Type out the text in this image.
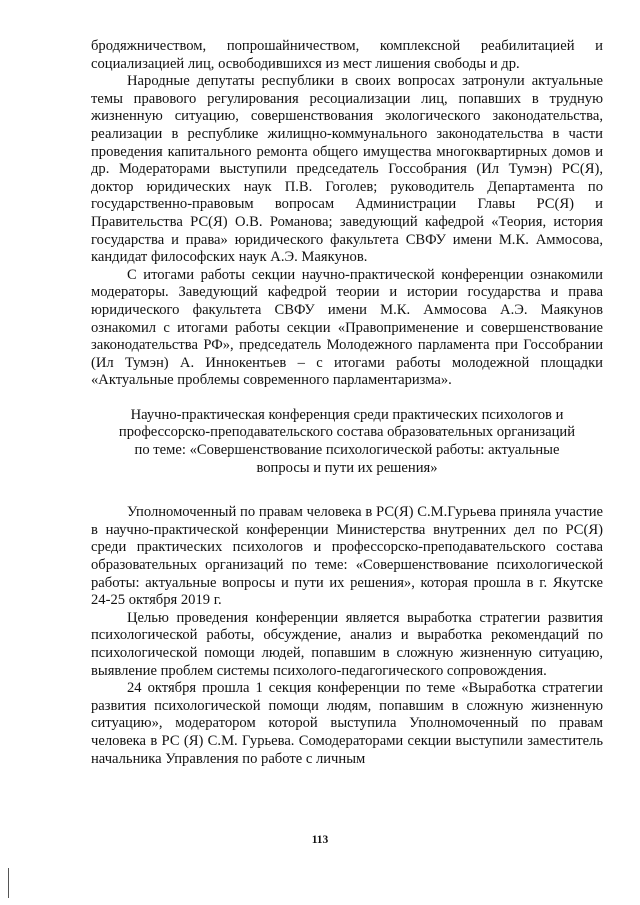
бродяжничеством, попрошайничеством, комплексной реабилитацией и социализацией лиц, освободившихся из мест лишения свободы и др.

Народные депутаты республики в своих вопросах затронули актуальные темы правового регулирования ресоциализации лиц, попавших в трудную жизненную ситуацию, совершенствования экологического законодательства, реализации в республике жилищно-коммунального законодательства в части проведения капитального ремонта общего имущества многоквартирных домов и др. Модераторами выступили председатель Госсобрания (Ил Тумэн) РС(Я), доктор юридических наук П.В. Гоголев; руководитель Департамента по государственно-правовым вопросам Администрации Главы РС(Я) и Правительства РС(Я) О.В. Романова; заведующий кафедрой «Теория, история государства и права» юридического факультета СВФУ имени М.К. Аммосова, кандидат философских наук А.Э. Маякунов.

С итогами работы секции научно-практической конференции ознакомили модераторы. Заведующий кафедрой теории и истории государства и права юридического факультета СВФУ имени М.К. Аммосова А.Э. Маякунов ознакомил с итогами работы секции «Правоприменение и совершенствование законодательства РФ», председатель Молодежного парламента при Госсобрании (Ил Тумэн) А. Иннокентьев – с итогами работы молодежной площадки «Актуальные проблемы современного парламентаризма».

Научно-практическая конференция среди практических психологов и
профессорско-преподавательского состава образовательных организаций
по теме: «Совершенствование психологической работы: актуальные
вопросы и пути их решения»

Уполномоченный по правам человека в РС(Я) С.М.Гурьева приняла участие в научно-практической конференции Министерства внутренних дел по РС(Я) среди практических психологов и профессорско-преподавательского состава образовательных организаций по теме: «Совершенствование психологической работы: актуальные вопросы и пути их решения», которая прошла в г. Якутске 24-25 октября 2019 г.

Целью проведения конференции является выработка стратегии развития психологической работы, обсуждение, анализ и выработка рекомендаций по психологической помощи людей, попавшим в сложную жизненную ситуацию, выявление проблем системы психолого-педагогического сопровождения.

24 октября прошла 1 секция конференции по теме «Выработка стратегии развития психологической помощи людям, попавшим в сложную жизненную ситуацию», модератором которой выступила Уполномоченный по правам человека в РС (Я) С.М. Гурьева. Сомодераторами секции выступили заместитель начальника Управления по работе с личным

113
